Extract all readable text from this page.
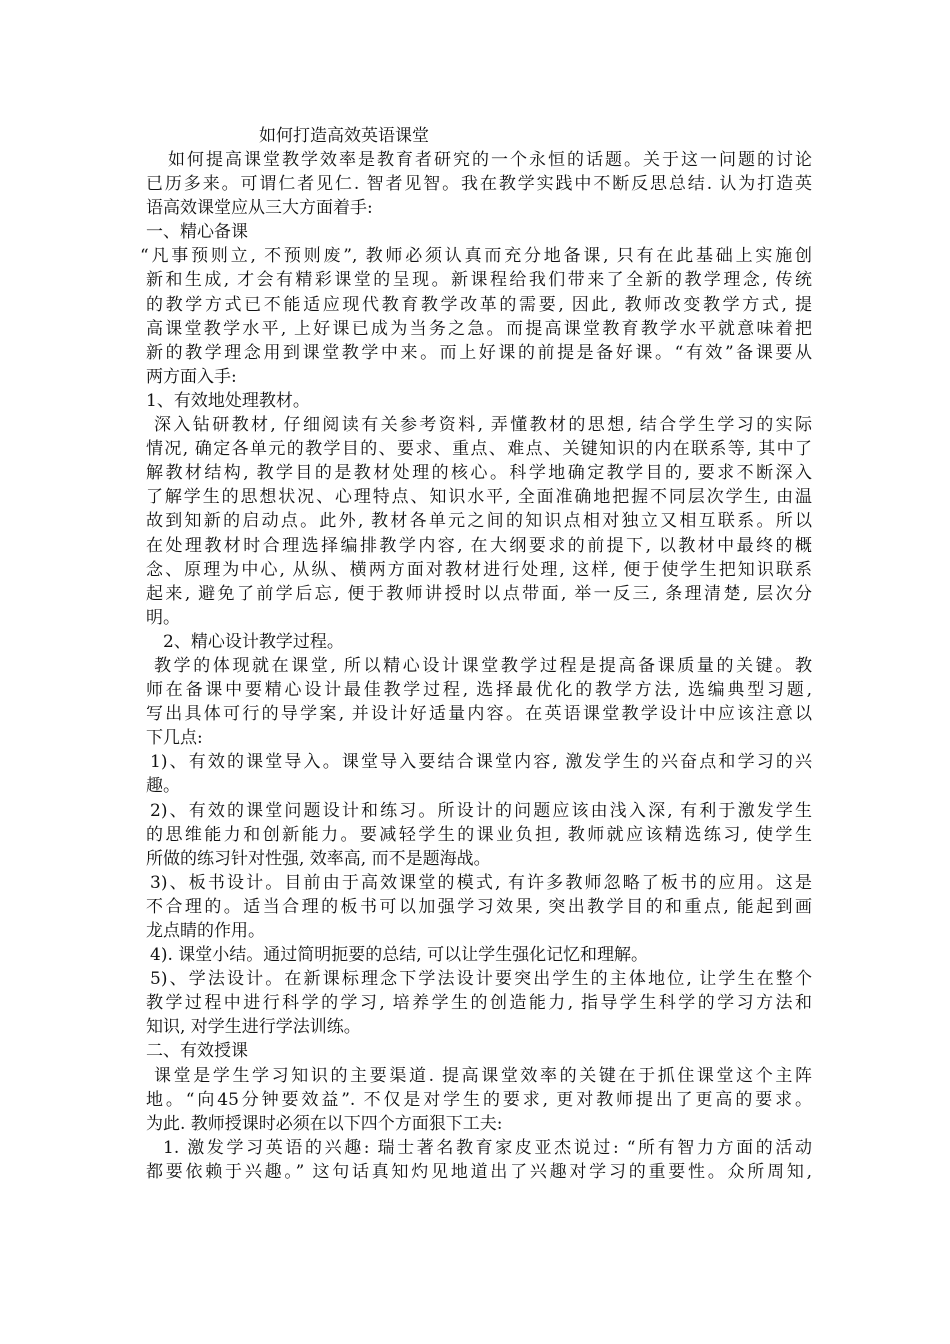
如何打造高效英语课堂
如何提高课堂教学效率是教育者研究的一个永恒的话题。关于这一问题的讨论
已历多来。可谓仁者见仁. 智者见智。我在教学实践中不断反思总结. 认为打造英
语高效课堂应从三大方面着手:
一、精心备课
“凡事预则立, 不预则废”, 教师必须认真而充分地备课, 只有在此基础上实施创
新和生成, 才会有精彩课堂的呈现。新课程给我们带来了全新的教学理念, 传统
的教学方式已不能适应现代教育教学改革的需要, 因此, 教师改变教学方式, 提
高课堂教学水平, 上好课已成为当务之急。而提高课堂教育教学水平就意味着把
新的教学理念用到课堂教学中来。而上好课的前提是备好课。“有效”备课要从
两方面入手:
1、有效地处理教材。
深入钻研教材, 仔细阅读有关参考资料, 弄懂教材的思想, 结合学生学习的实际
情况, 确定各单元的教学目的、要求、重点、难点、关键知识的内在联系等, 其中了
解教材结构, 教学目的是教材处理的核心。科学地确定教学目的, 要求不断深入
了解学生的思想状况、心理特点、知识水平, 全面准确地把握不同层次学生, 由温
故到知新的启动点。此外, 教材各单元之间的知识点相对独立又相互联系。所以
在处理教材时合理选择编排教学内容, 在大纲要求的前提下, 以教材中最终的概
念、原理为中心, 从纵、横两方面对教材进行处理, 这样, 便于使学生把知识联系
起来, 避免了前学后忘, 便于教师讲授时以点带面, 举一反三, 条理清楚, 层次分
明。
2、精心设计教学过程。
教学的体现就在课堂, 所以精心设计课堂教学过程是提高备课质量的关键。教
师在备课中要精心设计最佳教学过程, 选择最优化的教学方法, 选编典型习题,
写出具体可行的导学案, 并设计好适量内容。在英语课堂教学设计中应该注意以
下几点:
1)、有效的课堂导入。课堂导入要结合课堂内容, 激发学生的兴奋点和学习的兴
趣。
2)、有效的课堂问题设计和练习。所设计的问题应该由浅入深, 有利于激发学生
的思维能力和创新能力。要减轻学生的课业负担, 教师就应该精选练习, 使学生
所做的练习针对性强, 效率高, 而不是题海战。
3)、板书设计。目前由于高效课堂的模式, 有许多教师忽略了板书的应用。这是
不合理的。适当合理的板书可以加强学习效果, 突出教学目的和重点, 能起到画
龙点睛的作用。
4). 课堂小结。通过简明扼要的总结, 可以让学生强化记忆和理解。
5)、学法设计。在新课标理念下学法设计要突出学生的主体地位, 让学生在整个
教学过程中进行科学的学习, 培养学生的创造能力, 指导学生科学的学习方法和
知识, 对学生进行学法训练。
二、有效授课
课堂是学生学习知识的主要渠道. 提高课堂效率的关键在于抓住课堂这个主阵
地。“向45分钟要效益”. 不仅是对学生的要求, 更对教师提出了更高的要求。
为此. 教师授课时必须在以下四个方面狠下工夫:
1. 激发学习英语的兴趣: 瑞士著名教育家皮亚杰说过: “所有智力方面的活动
都要依赖于兴趣。” 这句话真知灼见地道出了兴趣对学习的重要性。众所周知,
